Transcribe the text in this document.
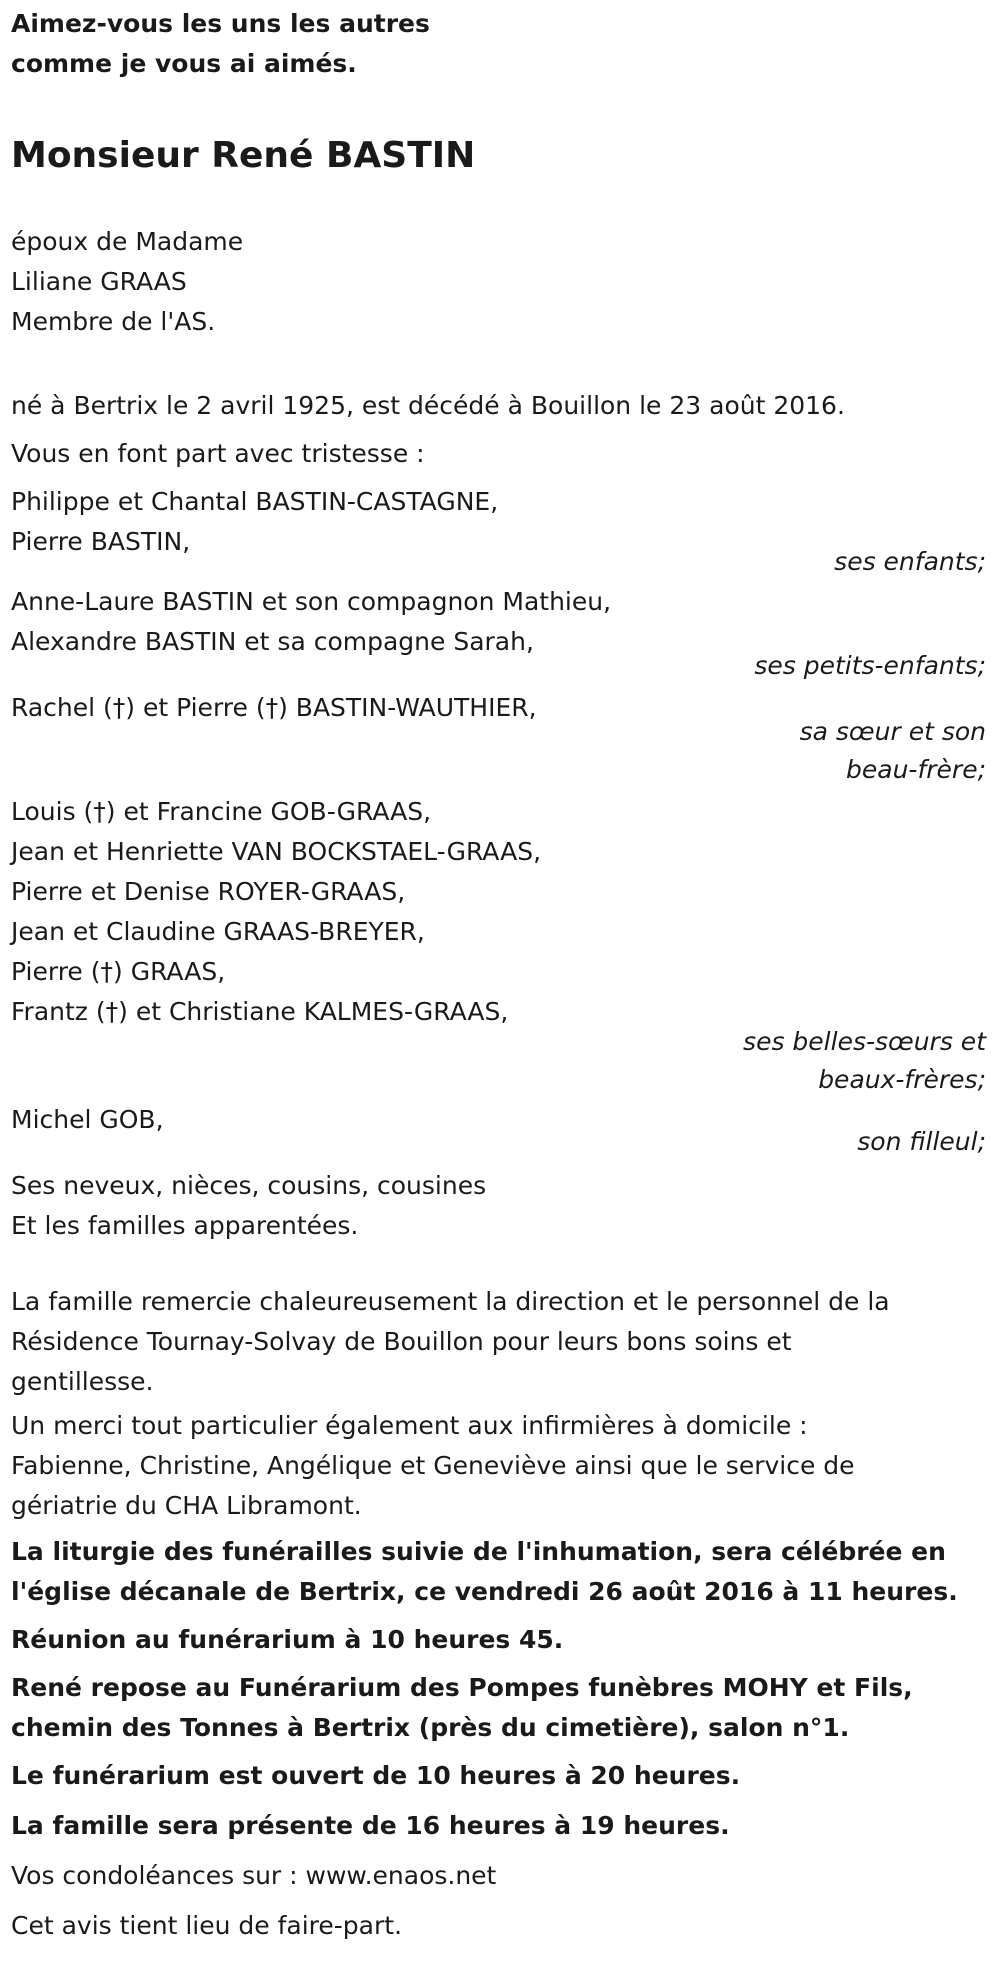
Aimez-vous les uns les autres
comme je vous ai aimés.
Monsieur René BASTIN
époux de Madame
Liliane GRAAS
Membre de l'AS.
né à Bertrix le 2 avril 1925, est décédé à Bouillon le 23 août 2016.
Vous en font part avec tristesse :
Philippe et Chantal BASTIN-CASTAGNE,
Pierre BASTIN,
ses enfants;
Anne-Laure BASTIN et son compagnon Mathieu,
Alexandre BASTIN et sa compagne Sarah,
ses petits-enfants;
Rachel (†) et Pierre (†) BASTIN-WAUTHIER,
sa sœur et son
beau-frère;
Louis (†) et Francine GOB-GRAAS,
Jean et Henriette VAN BOCKSTAEL-GRAAS,
Pierre et Denise ROYER-GRAAS,
Jean et Claudine GRAAS-BREYER,
Pierre (†) GRAAS,
Frantz (†) et Christiane KALMES-GRAAS,
ses belles-sœurs et
beaux-frères;
Michel GOB,
son filleul;
Ses neveux, nièces, cousins, cousines
Et les familles apparentées.
La famille remercie chaleureusement la direction et le personnel de la
Résidence Tournay-Solvay de Bouillon pour leurs bons soins et
gentillesse.
Un merci tout particulier également aux infirmières à domicile :
Fabienne, Christine, Angélique et Geneviève ainsi que le service de
gériatrie du CHA Libramont.
La liturgie des funérailles suivie de l'inhumation, sera célébrée en
l'église décanale de Bertrix, ce vendredi 26 août 2016 à 11 heures.
Réunion au funérarium à 10 heures 45.
René repose au Funérarium des Pompes funèbres MOHY et Fils,
chemin des Tonnes à Bertrix (près du cimetière), salon n°1.
Le funérarium est ouvert de 10 heures à 20 heures.
La famille sera présente de 16 heures à 19 heures.
Vos condoléances sur : www.enaos.net
Cet avis tient lieu de faire-part.
